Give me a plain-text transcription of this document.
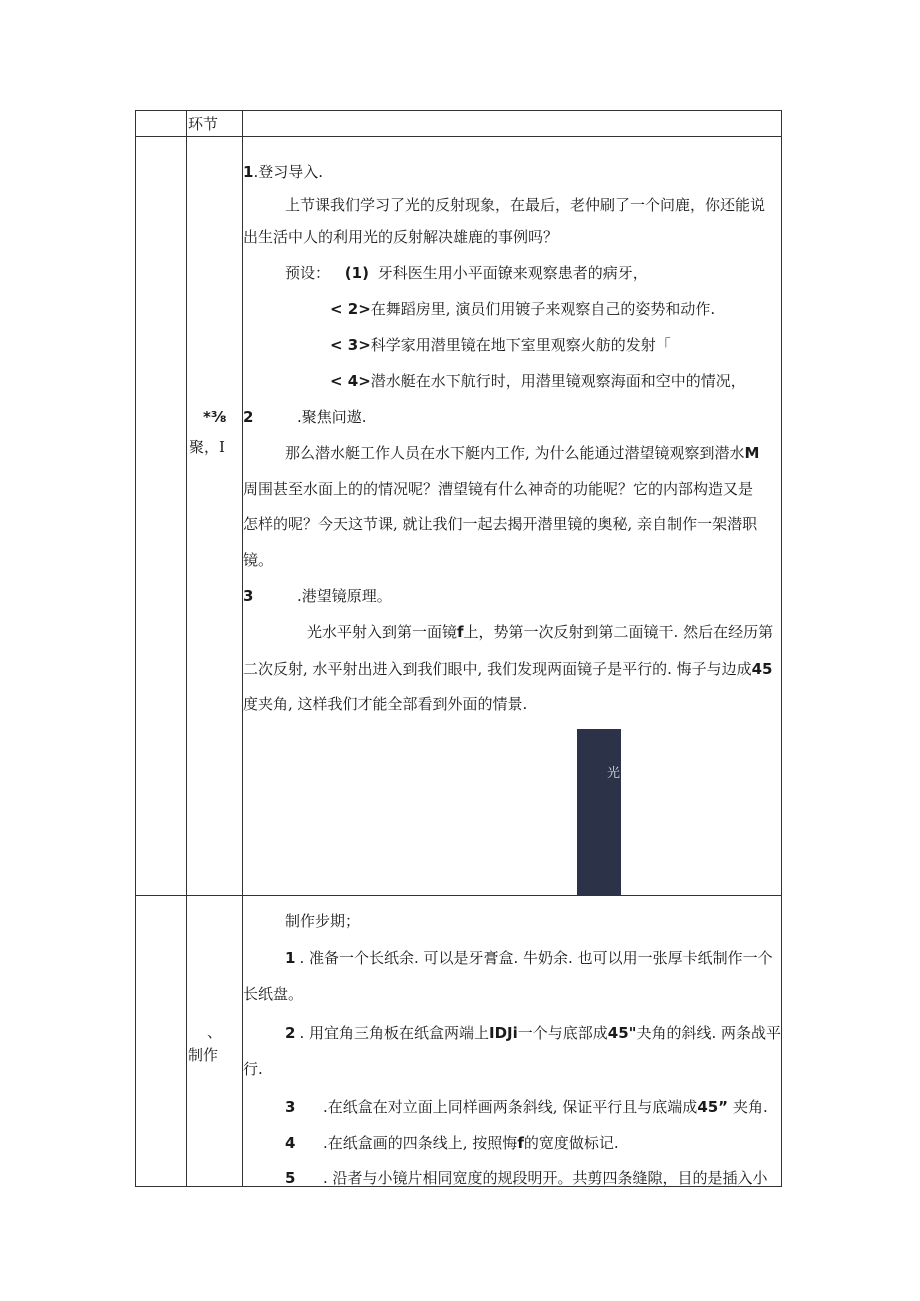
环节
*⅜
聚，I
1.登习导入.
上节课我们学习了光的反射现象，在最后，老仲刷了一个问鹿，你还能说
出生活中人的利用光的反射解决雄鹿的事例吗？
预设： (1) 牙科医生用小平面镣来观察患者的病牙，
< 2>在舞蹈房里, 演员们用镀子来观察自己的姿势和动作.
< 3>科学家用潜里镜在地下室里观察火舫的发射「
< 4>潜水艇在水下航行时，用潜里镜观察海面和空中的情况，
2	.聚焦问遨.
那么潜水艇工作人员在水下艇内工作, 为什么能通过潜望镜观察到潜水M
周围甚至水面上的的情况呢？漕望镜有什么神奇的功能呢？它的内部构造又是
怎样的呢？今天这节课, 就让我们一起去揭开潜里镜的奥秘, 亲自制作一架潜职
镜。
3	.港望镜原理。
光水平射入到第一面镜f上，势第一次反射到第二面镜干. 然后在经历第
二次反射, 水平射出进入到我们眼中, 我们发现两面镜子是平行的. 悔子与边成45
度夹角, 这样我们才能全部看到外面的情景.
光
、
制作
制作步期；
1 . 准备一个长纸余. 可以是牙膏盒. 牛奶余. 也可以用一张厚卡纸制作一个
长纸盘。
2 . 用宜角三角板在纸盒两端上IDJi一个与底部成45"夬角的斜线. 两条战平
行.
3 .在纸盒在对立面上同样画两条斜线, 保证平行且与底端成45” 夹角.
4 .在纸盒画的四条线上, 按照悔f的宽度做标记.
5 . 沿者与小镜片相同宽度的规段明开。共剪四条缝隙，目的是插入小
